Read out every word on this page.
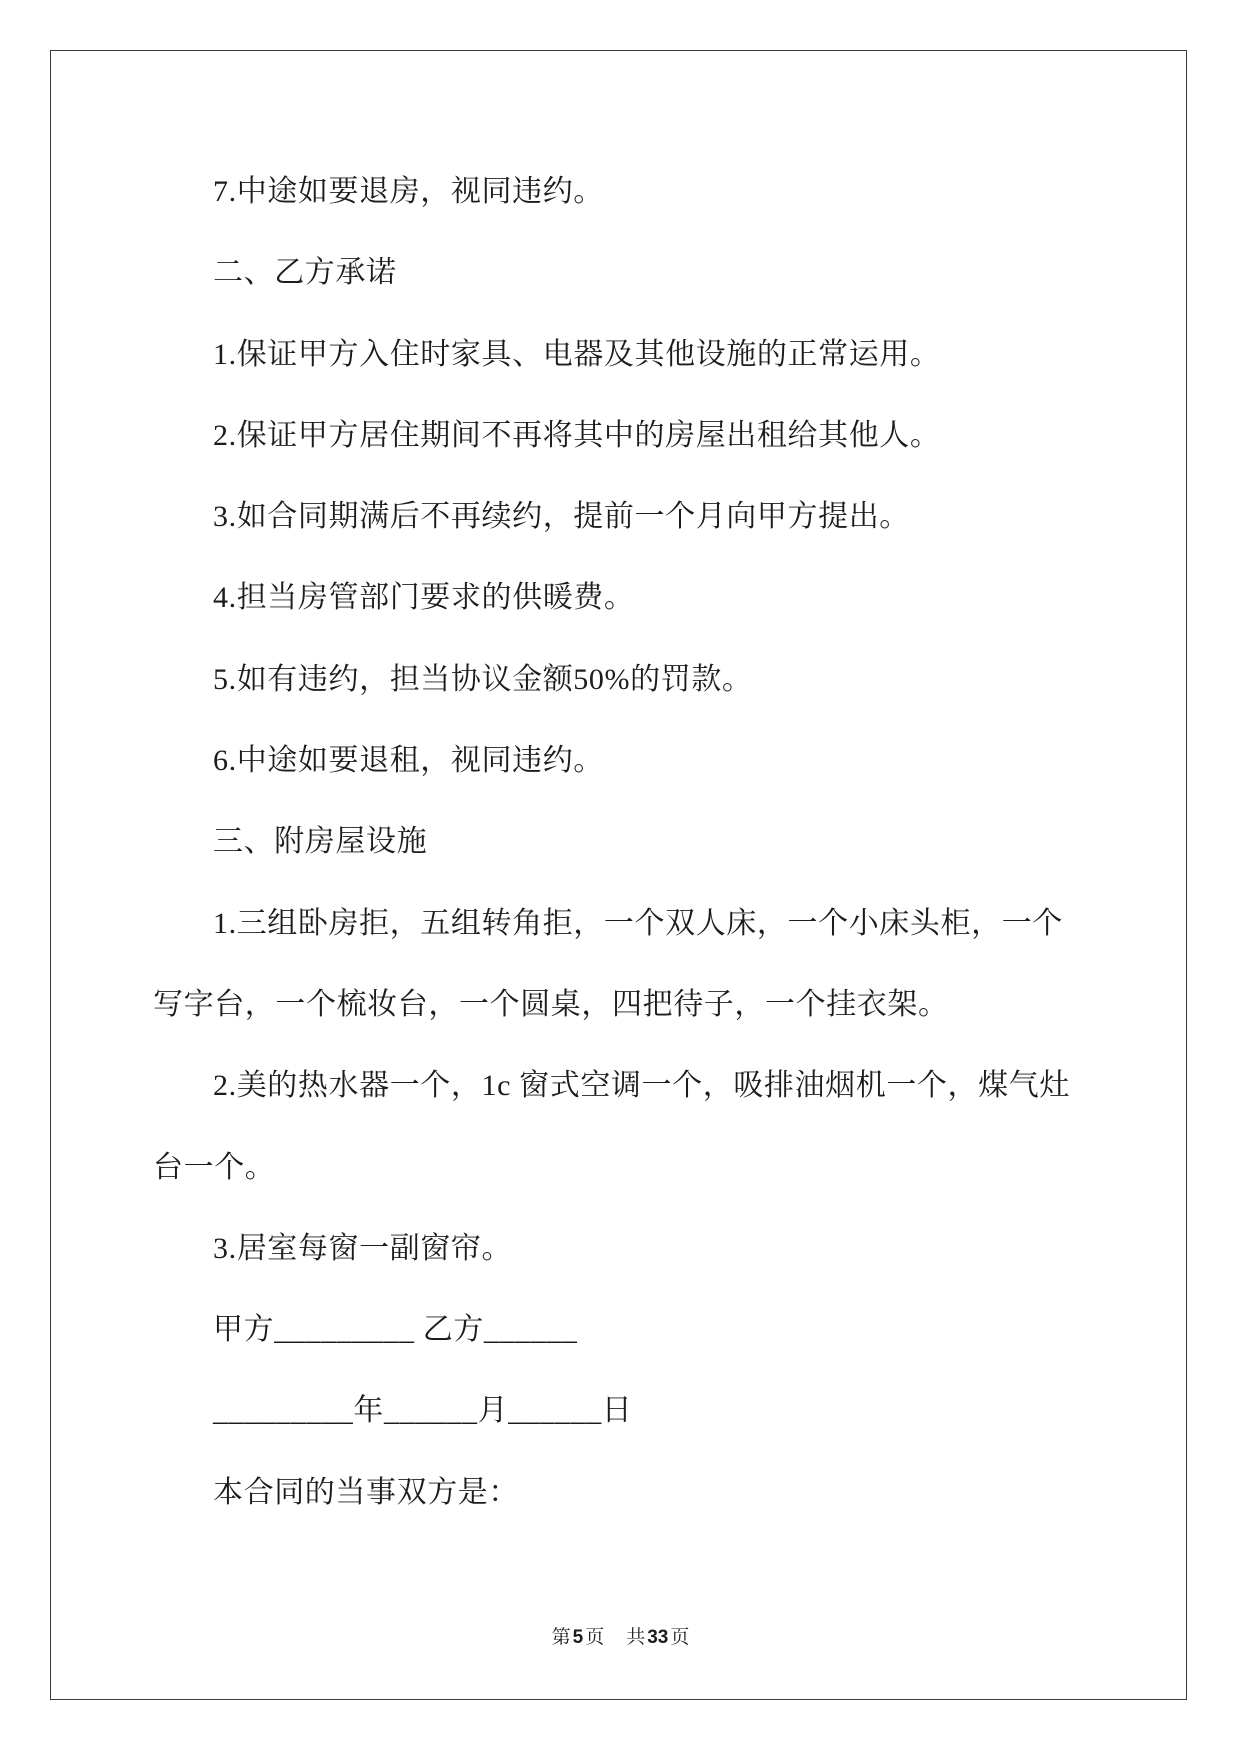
7.中途如要退房，视同违约。
二、乙方承诺
1.保证甲方入住时家具、电器及其他设施的正常运用。
2.保证甲方居住期间不再将其中的房屋出租给其他人。
3.如合同期满后不再续约，提前一个月向甲方提出。
4.担当房管部门要求的供暖费。
5.如有违约，担当协议金额50%的罚款。
6.中途如要退租，视同违约。
三、附房屋设施
1.三组卧房拒，五组转角拒，一个双人床，一个小床头柜，一个
写字台，一个梳妆台，一个圆桌，四把待子，一个挂衣架。
2.美的热水器一个，1c 窗式空调一个，吸排油烟机一个，煤气灶
台一个。
3.居室每窗一副窗帘。
甲方_________ 乙方______
_________年______月______日
本合同的当事双方是：
第 5 页 共 33 页
